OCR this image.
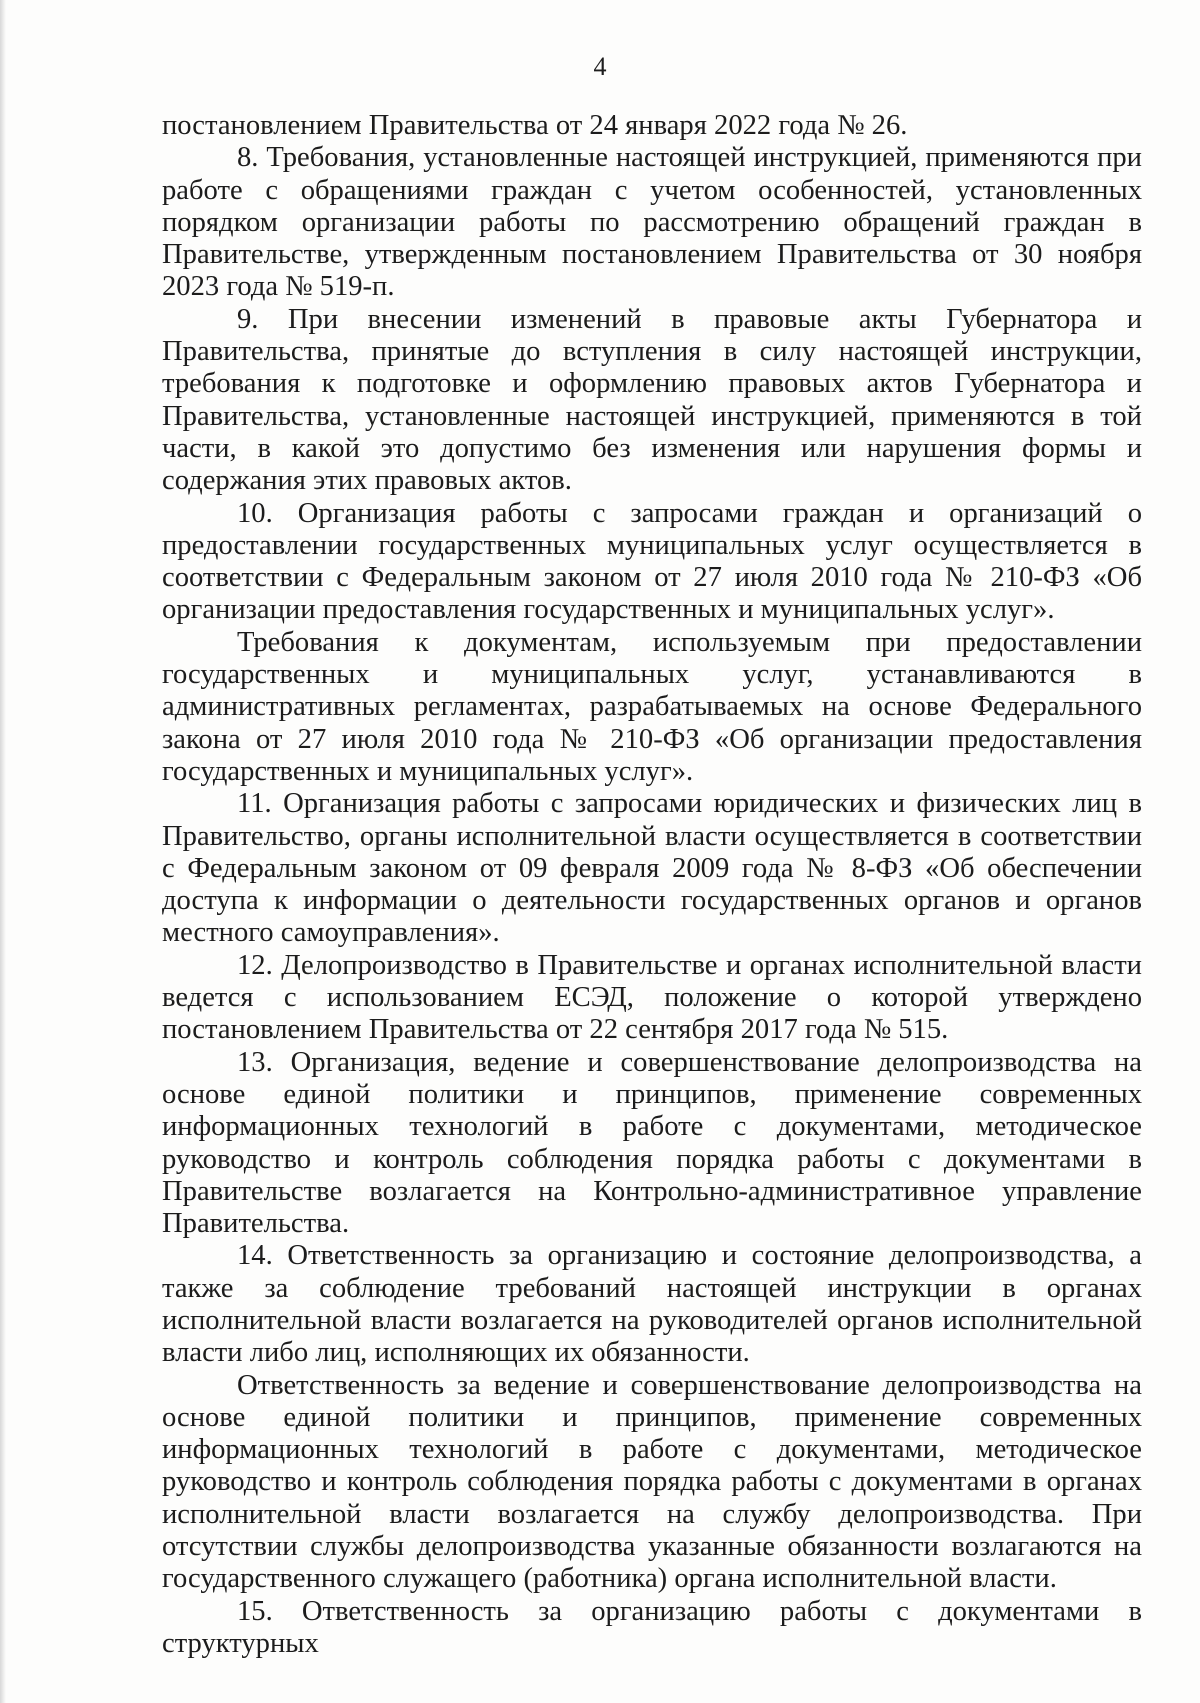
4

постановлением Правительства от 24 января 2022 года № 26.

8. Требования, установленные настоящей инструкцией, применяются при работе с обращениями граждан с учетом особенностей, установленных порядком организации работы по рассмотрению обращений граждан в Правительстве, утвержденным постановлением Правительства от 30 ноября 2023 года № 519-п.

9. При внесении изменений в правовые акты Губернатора и Правительства, принятые до вступления в силу настоящей инструкции, требования к подготовке и оформлению правовых актов Губернатора и Правительства, установленные настоящей инструкцией, применяются в той части, в какой это допустимо без изменения или нарушения формы и содержания этих правовых актов.

10. Организация работы с запросами граждан и организаций о предоставлении государственных муниципальных услуг осуществляется в соответствии с Федеральным законом от 27 июля 2010 года № 210-ФЗ «Об организации предоставления государственных и муниципальных услуг».

Требования к документам, используемым при предоставлении государственных и муниципальных услуг, устанавливаются в административных регламентах, разрабатываемых на основе Федерального закона от 27 июля 2010 года № 210-ФЗ «Об организации предоставления государственных и муниципальных услуг».

11. Организация работы с запросами юридических и физических лиц в Правительство, органы исполнительной власти осуществляется в соответствии с Федеральным законом от 09 февраля 2009 года № 8-ФЗ «Об обеспечении доступа к информации о деятельности государственных органов и органов местного самоуправления».

12. Делопроизводство в Правительстве и органах исполнительной власти ведется с использованием ЕСЭД, положение о которой утверждено постановлением Правительства от 22 сентября 2017 года № 515.

13. Организация, ведение и совершенствование делопроизводства на основе единой политики и принципов, применение современных информационных технологий в работе с документами, методическое руководство и контроль соблюдения порядка работы с документами в Правительстве возлагается на Контрольно-административное управление Правительства.

14. Ответственность за организацию и состояние делопроизводства, а также за соблюдение требований настоящей инструкции в органах исполнительной власти возлагается на руководителей органов исполнительной власти либо лиц, исполняющих их обязанности.

Ответственность за ведение и совершенствование делопроизводства на основе единой политики и принципов, применение современных информационных технологий в работе с документами, методическое руководство и контроль соблюдения порядка работы с документами в органах исполнительной власти возлагается на службу делопроизводства. При отсутствии службы делопроизводства указанные обязанности возлагаются на государственного служащего (работника) органа исполнительной власти.

15. Ответственность за организацию работы с документами в структурных
